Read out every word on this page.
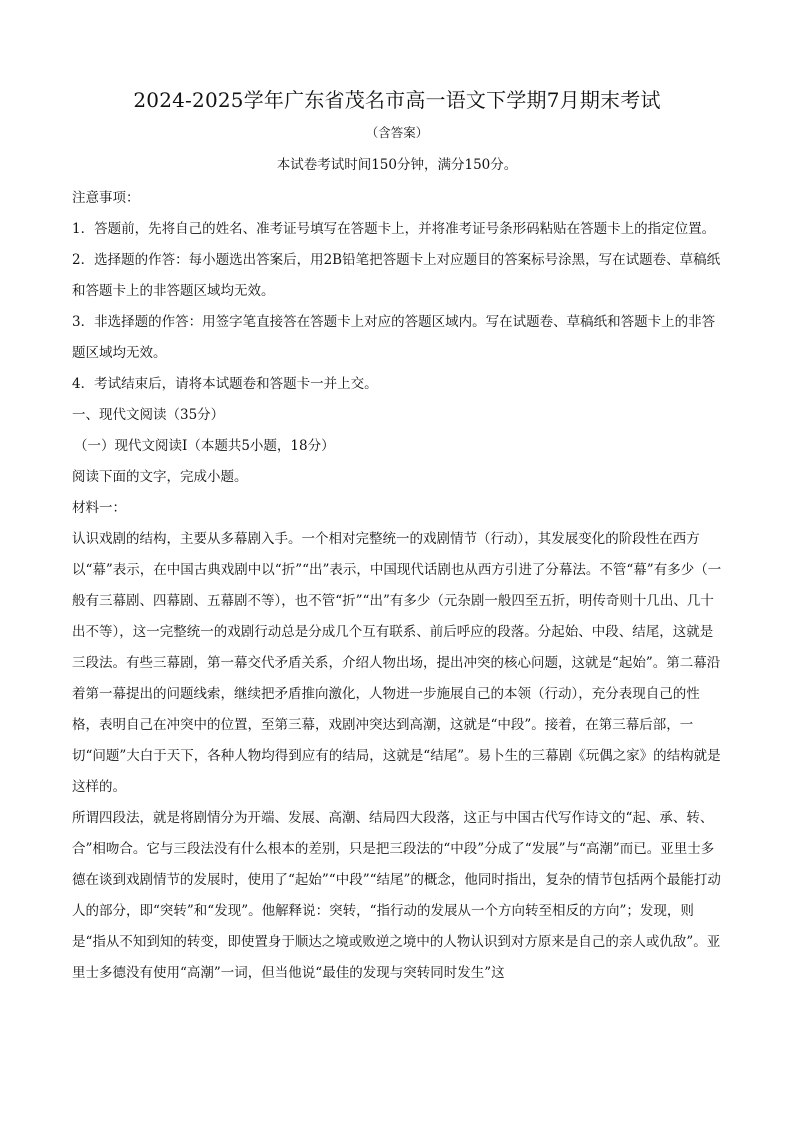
2024-2025学年广东省茂名市高一语文下学期7月期末考试
（含答案）
本试卷考试时间150分钟，满分150分。

注意事项：

1．答题前，先将自己的姓名、准考证号填写在答题卡上，并将准考证号条形码粘贴在答题卡上的指定位置。

2．选择题的作答：每小题选出答案后，用2B铅笔把答题卡上对应题目的答案标号涂黑，写在试题卷、草稿纸和答题卡上的非答题区域均无效。

3．非选择题的作答：用签字笔直接答在答题卡上对应的答题区域内。写在试题卷、草稿纸和答题卡上的非答题区域均无效。

4．考试结束后，请将本试题卷和答题卡一并上交。

一、现代文阅读（35分）

（一）现代文阅读Ⅰ（本题共5小题，18分）

阅读下面的文字，完成小题。

材料一：

认识戏剧的结构，主要从多幕剧入手。一个相对完整统一的戏剧情节（行动），其发展变化的阶段性在西方以“幕”表示，在中国古典戏剧中以“折”“出”表示，中国现代话剧也从西方引进了分幕法。不管“幕”有多少（一般有三幕剧、四幕剧、五幕剧不等），也不管“折”“出”有多少（元杂剧一般四至五折，明传奇则十几出、几十出不等），这一完整统一的戏剧行动总是分成几个互有联系、前后呼应的段落。分起始、中段、结尾，这就是三段法。有些三幕剧，第一幕交代矛盾关系，介绍人物出场，提出冲突的核心问题，这就是“起始”。第二幕沿着第一幕提出的问题线索，继续把矛盾推向激化，人物进一步施展自己的本领（行动），充分表现自己的性格，表明自己在冲突中的位置，至第三幕，戏剧冲突达到高潮，这就是“中段”。接着，在第三幕后部，一切“问题”大白于天下，各种人物均得到应有的结局，这就是“结尾”。易卜生的三幕剧《玩偶之家》的结构就是这样的。

所谓四段法，就是将剧情分为开端、发展、高潮、结局四大段落，这正与中国古代写作诗文的“起、承、转、合”相吻合。它与三段法没有什么根本的差别，只是把三段法的“中段”分成了“发展”与“高潮”而已。亚里士多德在谈到戏剧情节的发展时，使用了“起始”“中段”“结尾”的概念，他同时指出，复杂的情节包括两个最能打动人的部分，即“突转”和“发现”。他解释说：突转，“指行动的发展从一个方向转至相反的方向”；发现，则是“指从不知到知的转变，即使置身于顺达之境或败逆之境中的人物认识到对方原来是自己的亲人或仇敌”。亚里士多德没有使用“高潮”一词，但当他说“最佳的发现与突转同时发生”这
